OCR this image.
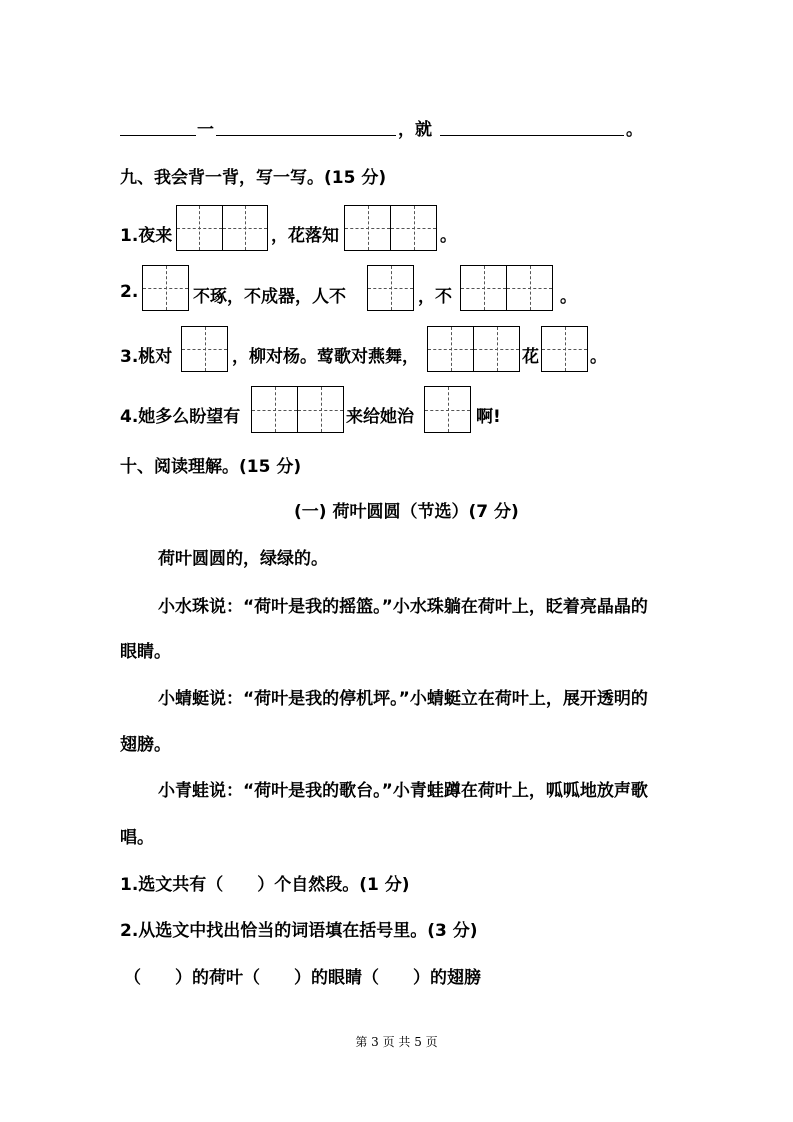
一	，就	。
九、我会背一背，写一写。(15 分)
1.夜来	，花落知	。
2.	不琢，不成器，人不	，不	。
3.桃对	，柳对杨。莺歌对燕舞，	花	。
4.她多么盼望有	来给她治	啊!
十、阅读理解。(15 分)
(一) 荷叶圆圆（节选）(7 分)
荷叶圆圆的，绿绿的。
小水珠说：“荷叶是我的摇篮。”小水珠躺在荷叶上，眨着亮晶晶的
眼睛。
小蜻蜓说：“荷叶是我的停机坪。”小蜻蜓立在荷叶上，展开透明的
翅膀。
小青蛙说：“荷叶是我的歌台。”小青蛙蹲在荷叶上，呱呱地放声歌
唱。
1.选文共有（　　）个自然段。(1 分)
2.从选文中找出恰当的词语填在括号里。(3 分)
（　　）的荷叶（　　）的眼睛（　　）的翅膀
第 3 页 共 5 页
